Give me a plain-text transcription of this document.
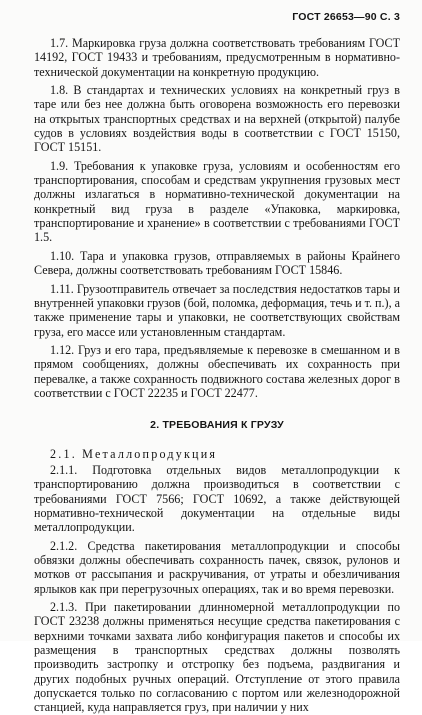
ГОСТ 26653—90 С. 3

1.7. Маркировка груза должна соответствовать требованиям ГОСТ 14192, ГОСТ 19433 и требованиям, предусмотренным в нормативно-технической документации на конкретную продукцию.

1.8. В стандартах и технических условиях на конкретный груз в таре или без нее должна быть оговорена возможность его перевозки на открытых транспортных средствах и на верхней (открытой) палубе судов в условиях воздействия воды в соответствии с ГОСТ 15150, ГОСТ 15151.

1.9. Требования к упаковке груза, условиям и особенностям его транспортирования, способам и средствам укрупнения грузовых мест должны излагаться в нормативно-технической документации на конкретный вид груза в разделе «Упаковка, маркировка, транспортирование и хранение» в соответствии с требованиями ГОСТ 1.5.

1.10. Тара и упаковка грузов, отправляемых в районы Крайнего Севера, должны соответствовать требованиям ГОСТ 15846.

1.11. Грузоотправитель отвечает за последствия недостатков тары и внутренней упаковки грузов (бой, поломка, деформация, течь и т. п.), а также применение тары и упаковки, не соответствующих свойствам груза, его массе или установленным стандартам.

1.12. Груз и его тара, предъявляемые к перевозке в смешанном и в прямом сообщениях, должны обеспечивать их сохранность при перевалке, а также сохранность подвижного состава железных дорог в соответствии с ГОСТ 22235 и ГОСТ 22477.

2. ТРЕБОВАНИЯ К ГРУЗУ

2.1. Металлопродукция

2.1.1. Подготовка отдельных видов металлопродукции к транспортированию должна производиться в соответствии с требованиями ГОСТ 7566; ГОСТ 10692, а также действующей нормативно-технической документации на отдельные виды металлопродукции.

2.1.2. Средства пакетирования металлопродукции и способы обвязки должны обеспечивать сохранность пачек, связок, рулонов и мотков от рассыпания и раскручивания, от утраты и обезличивания ярлыков как при перегрузочных операциях, так и во время перевозки.

2.1.3. При пакетировании длинномерной металлопродукции по ГОСТ 23238 должны применяться несущие средства пакетирования с верхними точками захвата либо конфигурация пакетов и способы их размещения в транспортных средствах должны позволять производить застропку и отстропку без подъема, раздвигания и других подобных ручных операций. Отступление от этого правила допускается только по согласованию с портом или железнодорожной станцией, куда направляется груз, при наличии у них
